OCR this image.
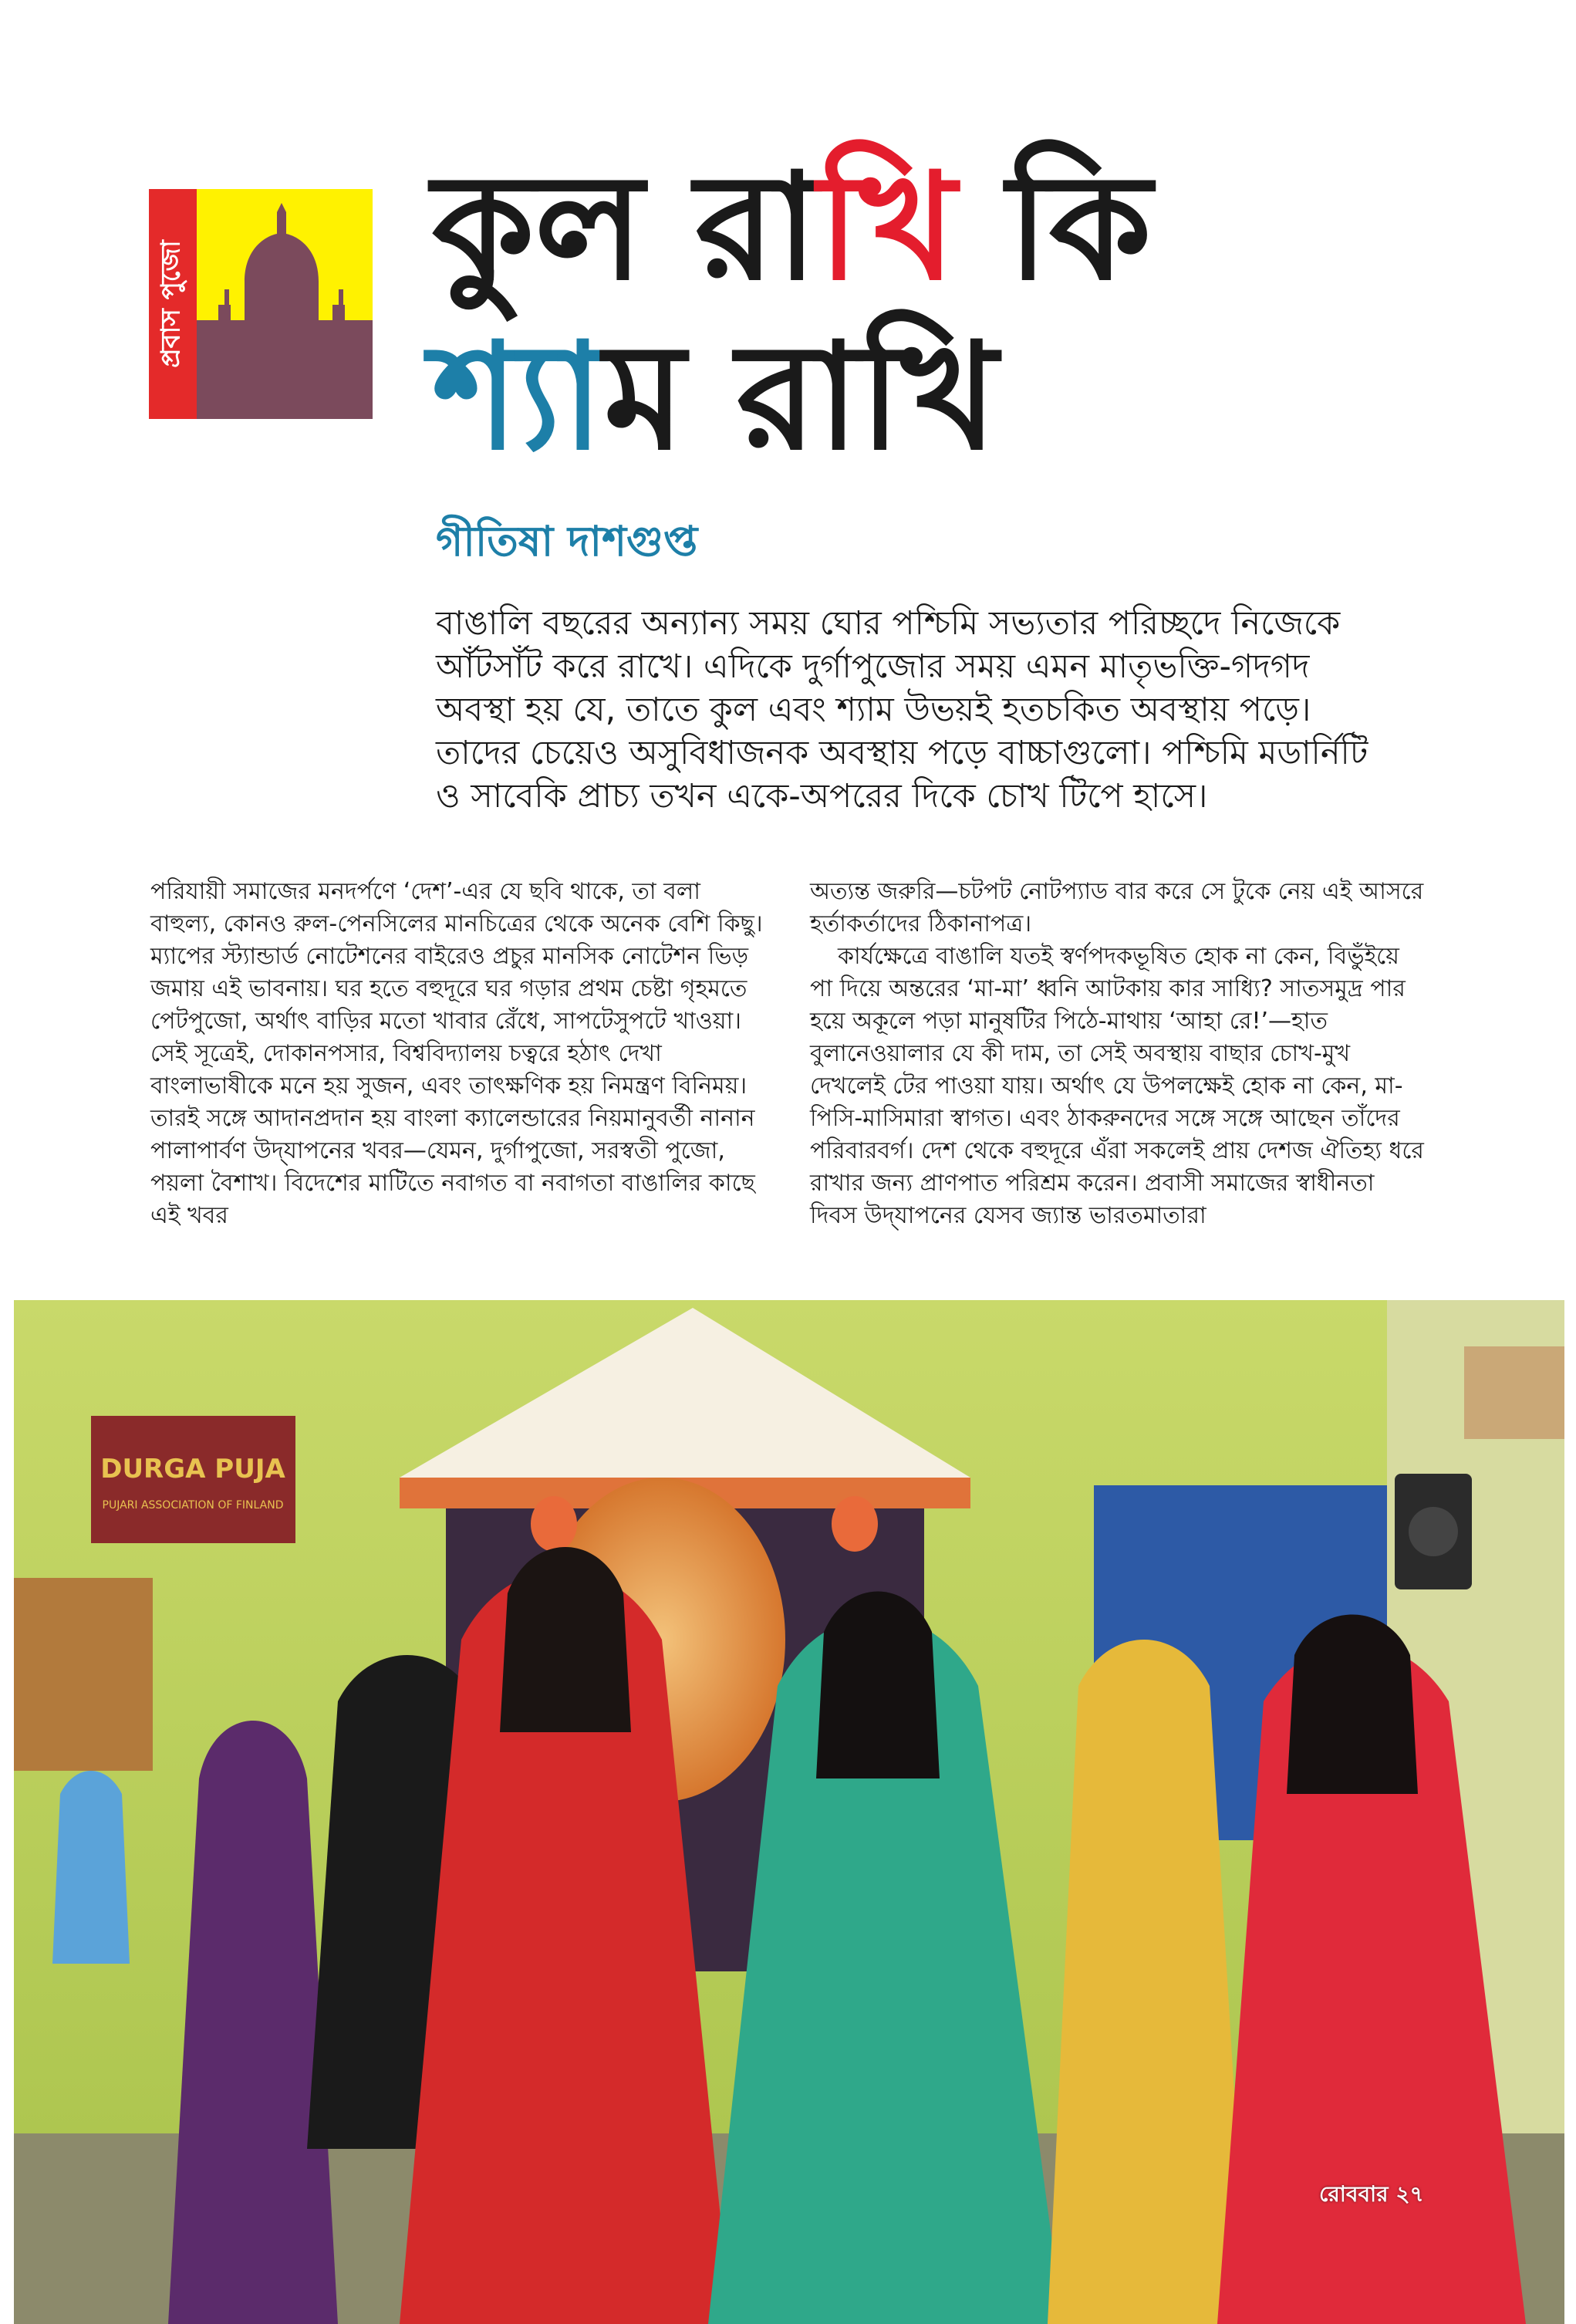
প্রবাস পুজো কুল রাখি কি
শ্যাম রাখি
গীতিষা দাশগুপ্ত
বাঙালি বছরের অন্যান্য সময় ঘোর পশ্চিমি সভ্যতার পরিচ্ছদে নিজেকে আঁটসাঁট করে রাখে। এদিকে দুর্গাপুজোর সময় এমন মাতৃভক্তি-গদগদ অবস্থা হয় যে, তাতে কুল এবং শ্যাম উভয়ই হতচকিত অবস্থায় পড়ে। তাদের চেয়েও অসুবিধাজনক অবস্থায় পড়ে বাচ্চাগুলো। পশ্চিমি মডার্নিটি ও সাবেকি প্রাচ্য তখন একে-অপরের দিকে চোখ টিপে হাসে।

পরিযায়ী সমাজের মনদর্পণে ‘দেশ’-এর যে ছবি থাকে, তা বলা বাহুল্য, কোনও রুল-পেনসিলের মানচিত্রের থেকে অনেক বেশি কিছু। ম্যাপের স্ট্যান্ডার্ড নোটেশনের বাইরেও প্রচুর মানসিক নোটেশন ভিড় জমায় এই ভাবনায়। ঘর হতে বহুদূরে ঘর গড়ার প্রথম চেষ্টা গৃহমতে পেটপুজো, অর্থাৎ বাড়ির মতো খাবার রেঁধে, সাপটেসুপটে খাওয়া। সেই সূত্রেই, দোকানপসার, বিশ্ববিদ্যালয় চত্বরে হঠাৎ দেখা বাংলাভাষীকে মনে হয় সুজন, এবং তাৎক্ষণিক হয় নিমন্ত্রণ বিনিময়। তারই সঙ্গে আদানপ্রদান হয় বাংলা ক্যালেন্ডারের নিয়মানুবর্তী নানান পালাপার্বণ উদ্‌যাপনের খবর—যেমন, দুর্গাপুজো, সরস্বতী পুজো, পয়লা বৈশাখ। বিদেশের মাটিতে নবাগত বা নবাগতা বাঙালির কাছে এই খবর

অত্যন্ত জরুরি—চটপট নোটপ্যাড বার করে সে টুকে নেয় এই আসরে হর্তাকর্তাদের ঠিকানাপত্র।

কার্যক্ষেত্রে বাঙালি যতই স্বর্ণপদকভূষিত হোক না কেন, বিভুঁইয়ে পা দিয়ে অন্তরের ‘মা-মা’ ধ্বনি আটকায় কার সাধ্যি? সাতসমুদ্র পার হয়ে অকূলে পড়া মানুষটির পিঠে-মাথায় ‘আহা রে!’—হাত বুলানেওয়ালার যে কী দাম, তা সেই অবস্থায় বাছার চোখ-মুখ দেখলেই টের পাওয়া যায়। অর্থাৎ যে উপলক্ষেই হোক না কেন, মা-পিসি-মাসিমারা স্বাগত। এবং ঠাকরুনদের সঙ্গে সঙ্গে আছেন তাঁদের পরিবারবর্গ। দেশ থেকে বহুদূরে এঁরা সকলেই প্রায় দেশজ ঐতিহ্য ধরে রাখার জন্য প্রাণপাত পরিশ্রম করেন। প্রবাসী সমাজের স্বাধীনতা দিবস উদ্‌যাপনের যেসব জ্যান্ত ভারতমাতারা

DURGA PUJA
PUJARI ASSOCIATION OF FINLAND
রোববার ২৭
